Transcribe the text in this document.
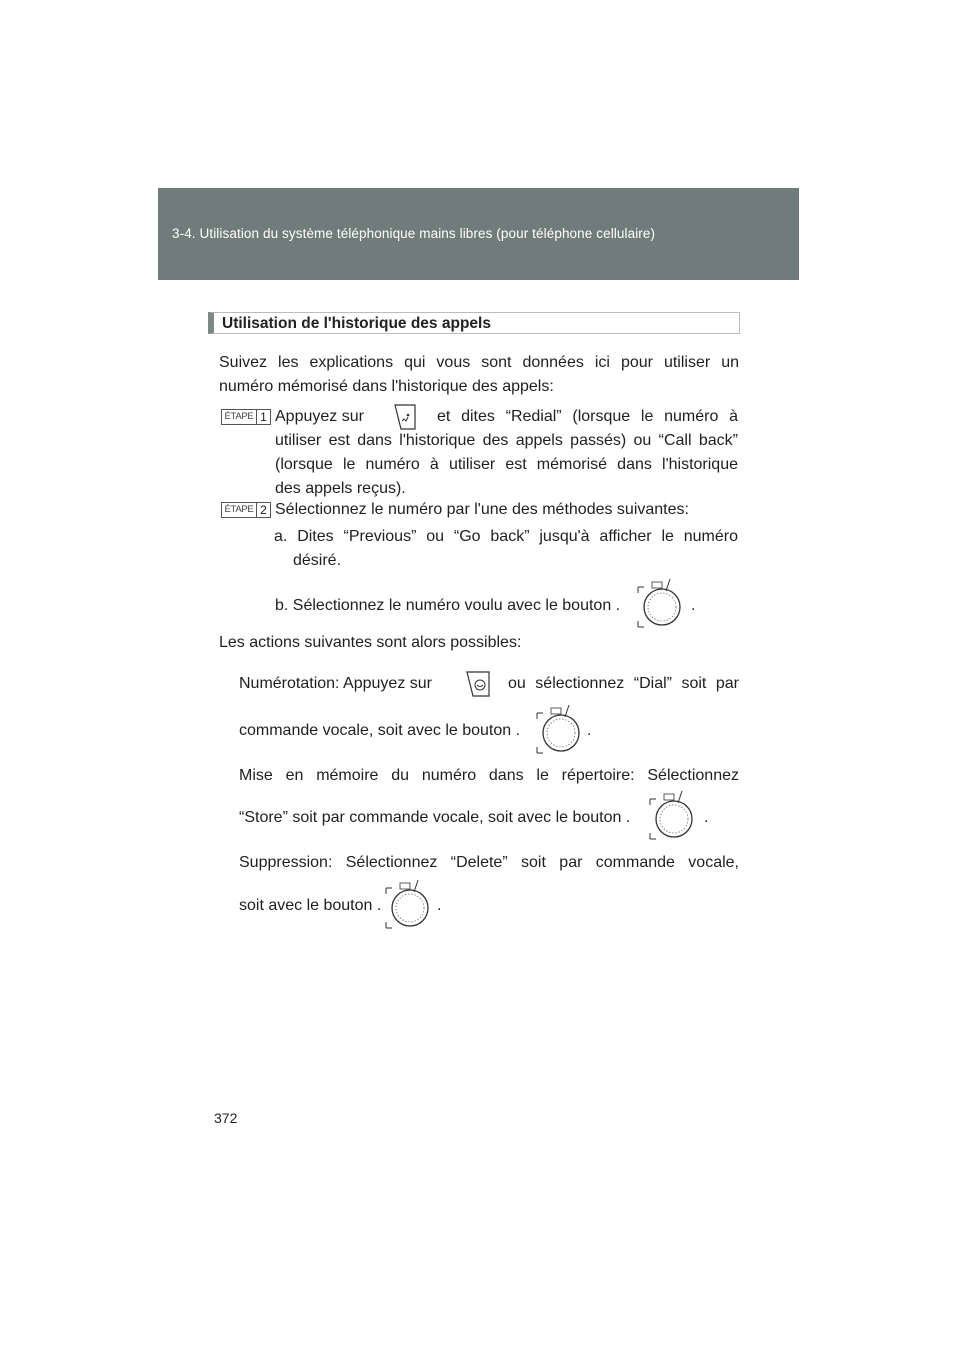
3-4. Utilisation du système téléphonique mains libres (pour téléphone cellulaire)
Utilisation de l'historique des appels
Suivez les explications qui vous sont données ici pour utiliser un
numéro mémorisé dans l'historique des appels:
ÉTAPE 1 Appuyez sur	et dites “Redial” (lorsque le numéro à
utiliser est dans l'historique des appels passés) ou “Call back”
(lorsque le numéro à utiliser est mémorisé dans l'historique
des appels reçus).
ÉTAPE 2 Sélectionnez le numéro par l'une des méthodes suivantes:
a. Dites “Previous” ou “Go back” jusqu'à afficher le numéro
désiré.
b. Sélectionnez le numéro voulu avec le bouton .	.
Les actions suivantes sont alors possibles:
Numérotation: Appuyez sur	ou sélectionnez “Dial” soit par
commande vocale, soit avec le bouton .	.
Mise en mémoire du numéro dans le répertoire: Sélectionnez
“Store” soit par commande vocale, soit avec le bouton .	.
Suppression: Sélectionnez “Delete” soit par commande vocale,
soit avec le bouton .	.
372
